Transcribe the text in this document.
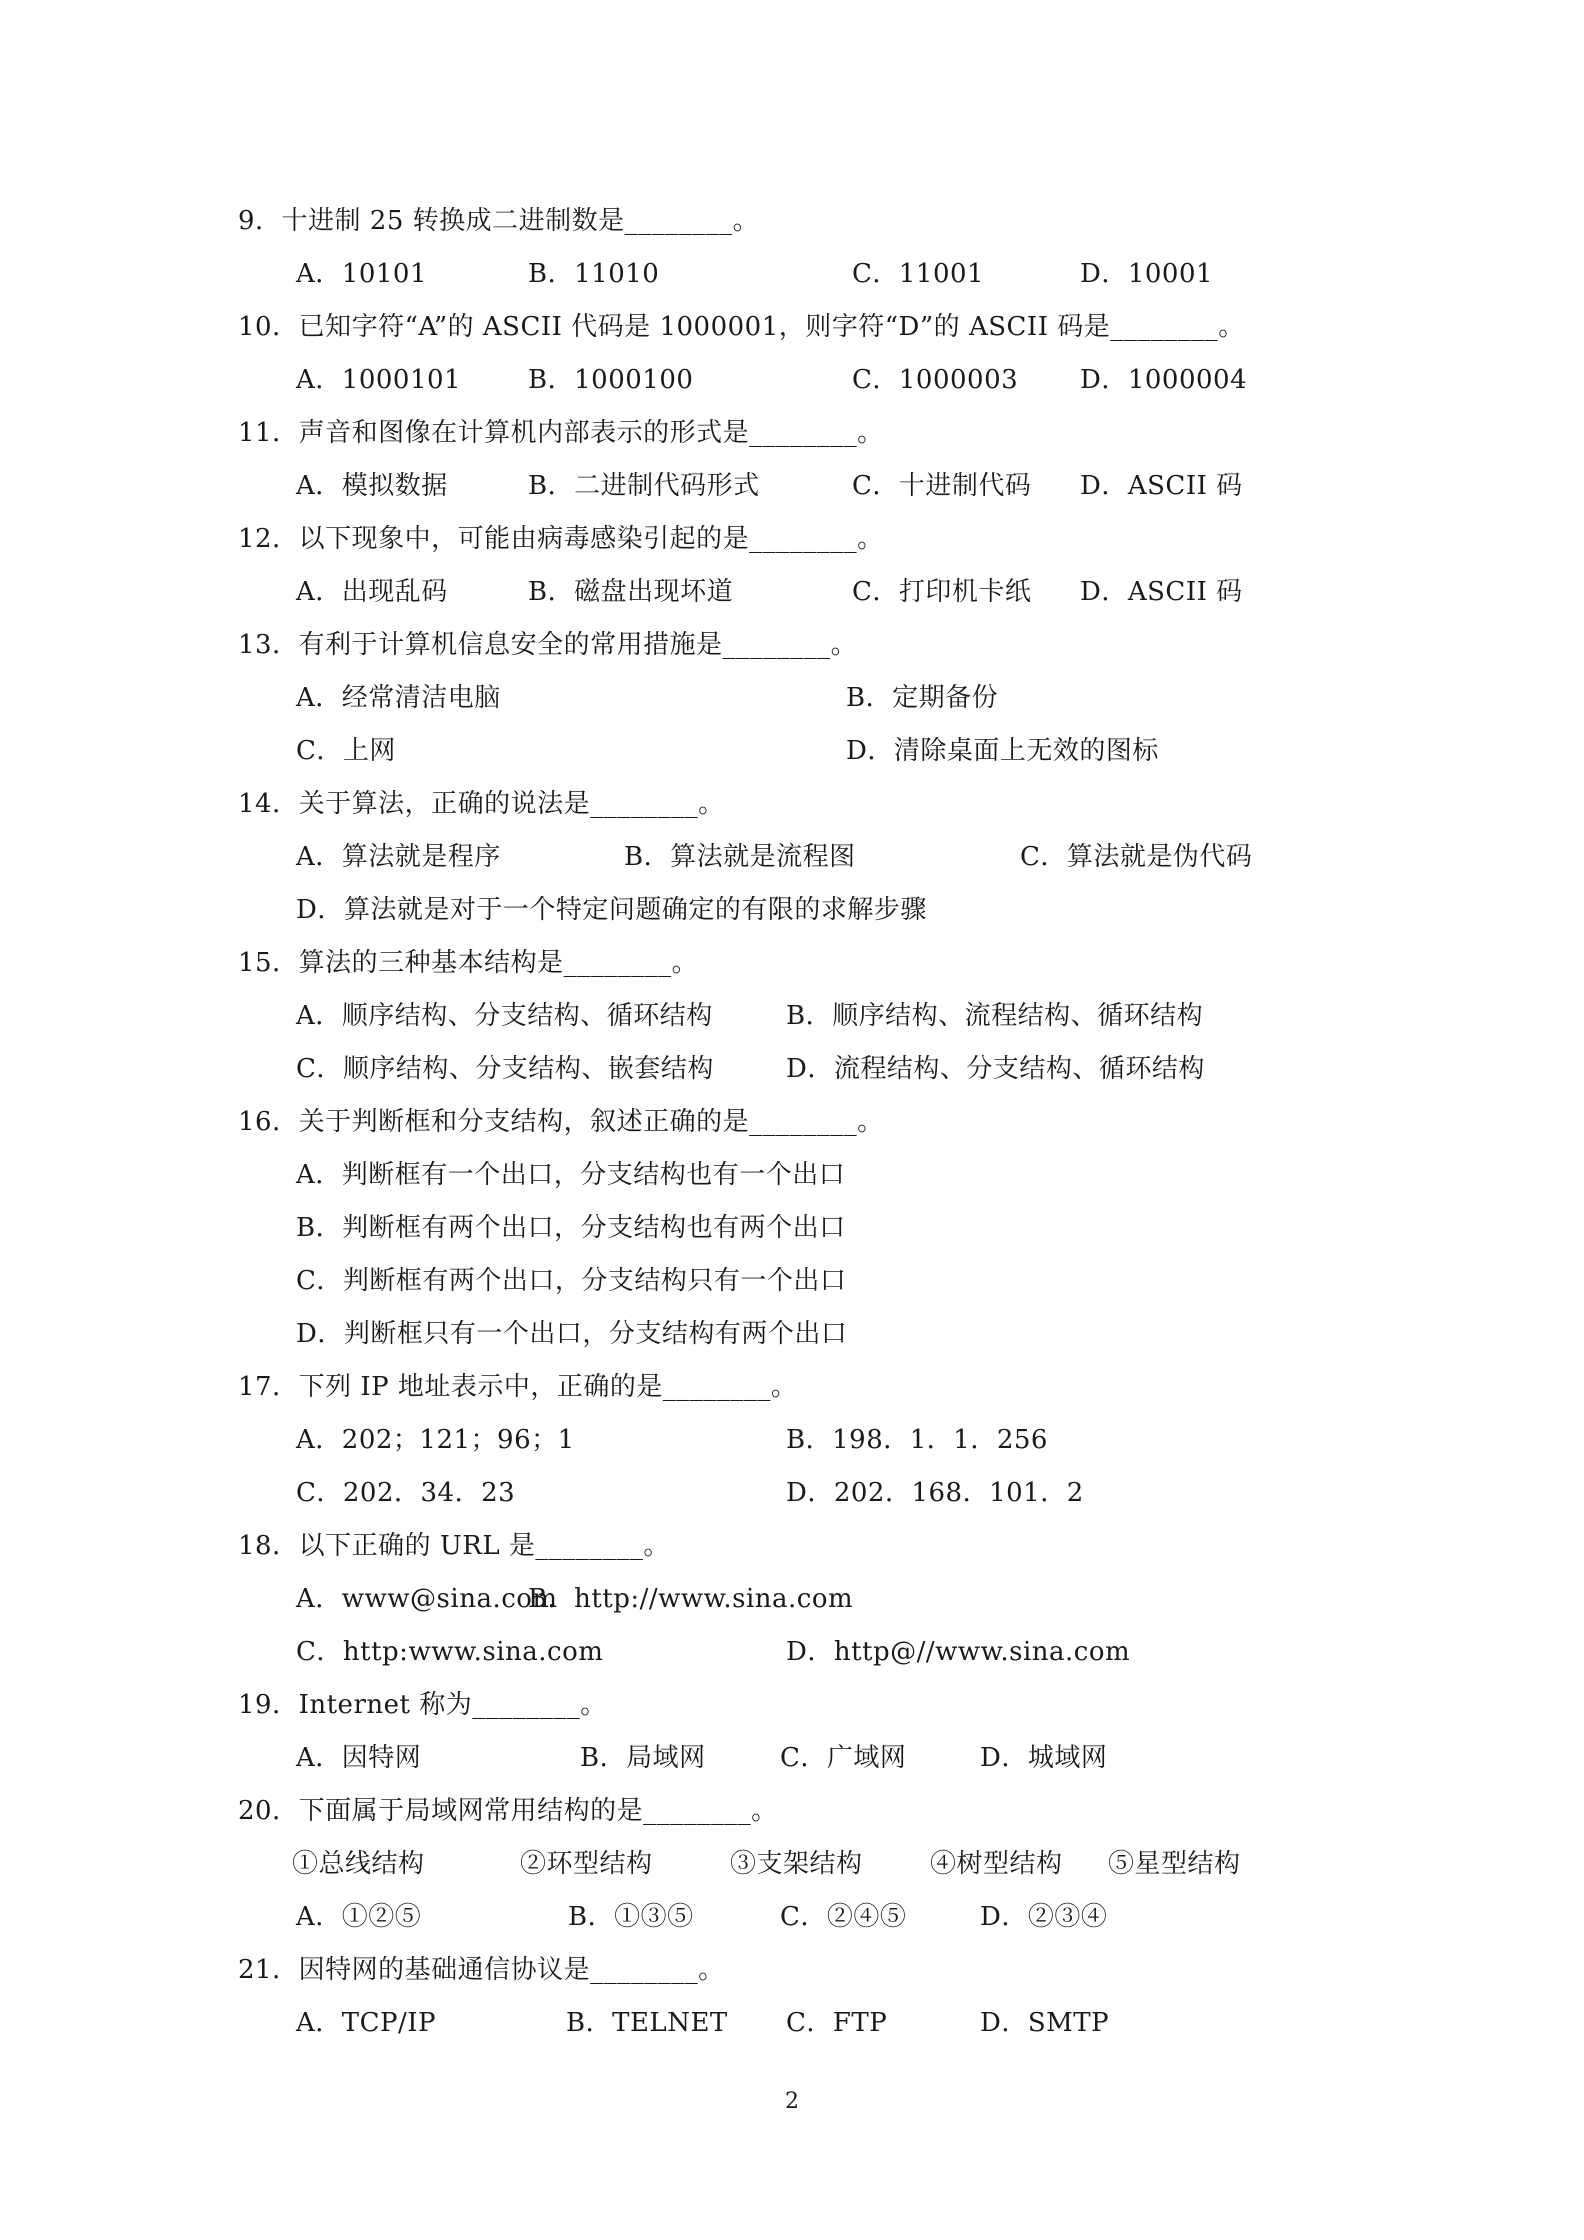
9．十进制 25 转换成二进制数是________。
A．10101	B．11010	C．11001	D．10001
10．已知字符“A”的 ASCII 代码是 1000001，则字符“D”的 ASCII 码是________。
A．1000101	B．1000100	C．1000003 D．1000004
11．声音和图像在计算机内部表示的形式是________。
A．模拟数据	B．二进制代码形式	C．十进制代码 D．ASCII 码
12．以下现象中，可能由病毒感染引起的是________。
A．出现乱码	B．磁盘出现坏道	C．打印机卡纸 D．ASCII 码
13．有利于计算机信息安全的常用措施是________。
A．经常清洁电脑	B．定期备份
C．上网	D．清除桌面上无效的图标
14．关于算法，正确的说法是________。
A．算法就是程序	B．算法就是流程图	C．算法就是伪代码
D．算法就是对于一个特定问题确定的有限的求解步骤
15．算法的三种基本结构是________。
A．顺序结构、分支结构、循环结构	B．顺序结构、流程结构、循环结构
C．顺序结构、分支结构、嵌套结构	D．流程结构、分支结构、循环结构
16．关于判断框和分支结构，叙述正确的是________。
A．判断框有一个出口，分支结构也有一个出口
B．判断框有两个出口，分支结构也有两个出口
C．判断框有两个出口，分支结构只有一个出口
D．判断框只有一个出口，分支结构有两个出口
17．下列 IP 地址表示中，正确的是________。
A．202；121；96；1	B．198．1．1．256
C．202．34．23	D．202．168．101．2
18．以下正确的 URL 是________。
A．www@sina.com
B．http://www.sina.com
C．http:www.sina.com	D．http@//www.sina.com
19．Internet 称为________。
A．因特网	B．局域网	C．广域网	D．城域网
20．下面属于局域网常用结构的是________。
①总线结构	②环型结构	③支架结构	④树型结构 ⑤星型结构
A．①②⑤	B．①③⑤	C．②④⑤	D．②③④
21．因特网的基础通信协议是________。
A．TCP/IP	B．TELNET C．FTP	D．SMTP
2
